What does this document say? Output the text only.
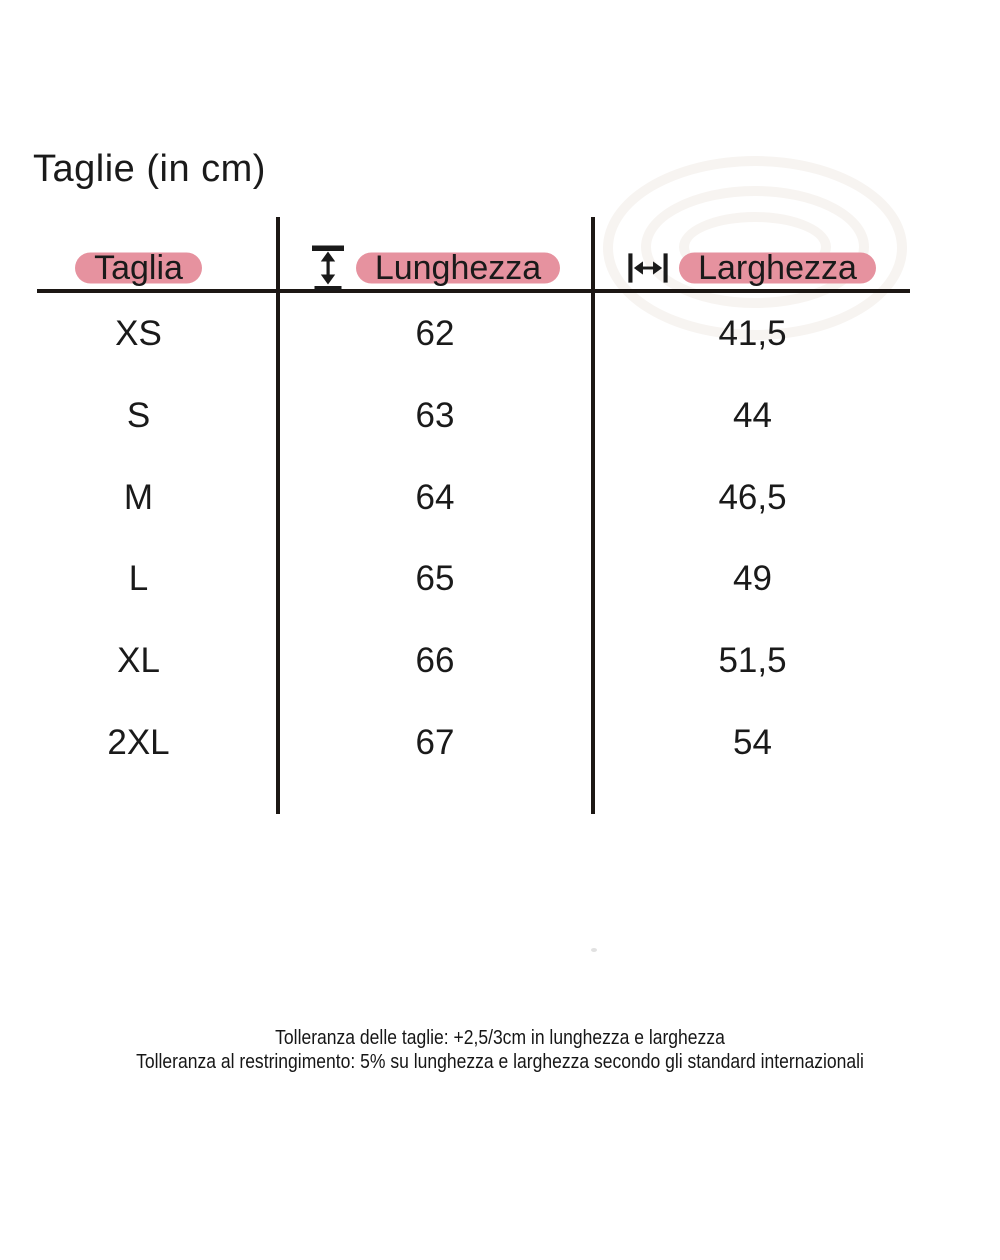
Taglie (in cm)
Taglia	Lunghezza	Larghezza
XS	62	41,5
S	63	44
M	64	46,5
L	65	49
XL	66	51,5
2XL	67	54
Tolleranza delle taglie: +2,5/3cm in lunghezza e larghezza
Tolleranza al restringimento: 5% su lunghezza e larghezza secondo gli standard internazionali
